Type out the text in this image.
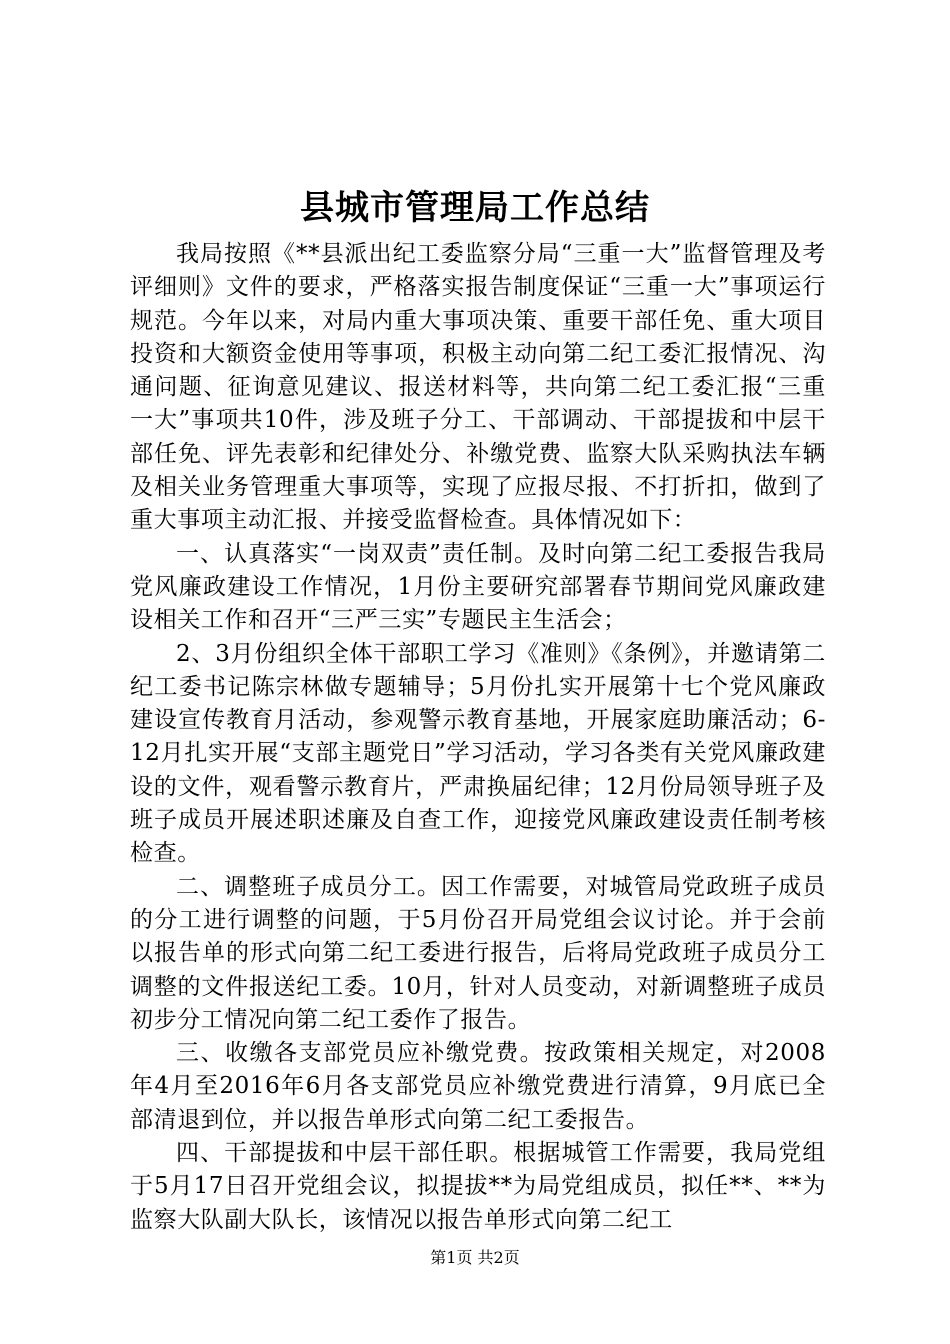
县城市管理局工作总结

我局按照《**县派出纪工委监察分局“三重一大”监督管理及考评细则》文件的要求，严格落实报告制度保证“三重一大”事项运行规范。今年以来，对局内重大事项决策、重要干部任免、重大项目投资和大额资金使用等事项，积极主动向第二纪工委汇报情况、沟通问题、征询意见建议、报送材料等，共向第二纪工委汇报“三重一大”事项共10件，涉及班子分工、干部调动、干部提拔和中层干部任免、评先表彰和纪律处分、补缴党费、监察大队采购执法车辆及相关业务管理重大事项等，实现了应报尽报、不打折扣，做到了重大事项主动汇报、并接受监督检查。具体情况如下：

一、认真落实“一岗双责”责任制。及时向第二纪工委报告我局党风廉政建设工作情况，1月份主要研究部署春节期间党风廉政建设相关工作和召开“三严三实”专题民主生活会；

2、3月份组织全体干部职工学习《准则》《条例》，并邀请第二纪工委书记陈宗林做专题辅导；5月份扎实开展第十七个党风廉政建设宣传教育月活动，参观警示教育基地，开展家庭助廉活动；6-12月扎实开展“支部主题党日”学习活动，学习各类有关党风廉政建设的文件，观看警示教育片，严肃换届纪律；12月份局领导班子及班子成员开展述职述廉及自查工作，迎接党风廉政建设责任制考核检查。

二、调整班子成员分工。因工作需要，对城管局党政班子成员的分工进行调整的问题，于5月份召开局党组会议讨论。并于会前以报告单的形式向第二纪工委进行报告，后将局党政班子成员分工调整的文件报送纪工委。10月，针对人员变动，对新调整班子成员初步分工情况向第二纪工委作了报告。

三、收缴各支部党员应补缴党费。按政策相关规定，对2008年4月至2016年6月各支部党员应补缴党费进行清算，9月底已全部清退到位，并以报告单形式向第二纪工委报告。

四、干部提拔和中层干部任职。根据城管工作需要，我局党组于5月17日召开党组会议，拟提拔**为局党组成员，拟任**、**为监察大队副大队长，该情况以报告单形式向第二纪工

第1页 共2页
